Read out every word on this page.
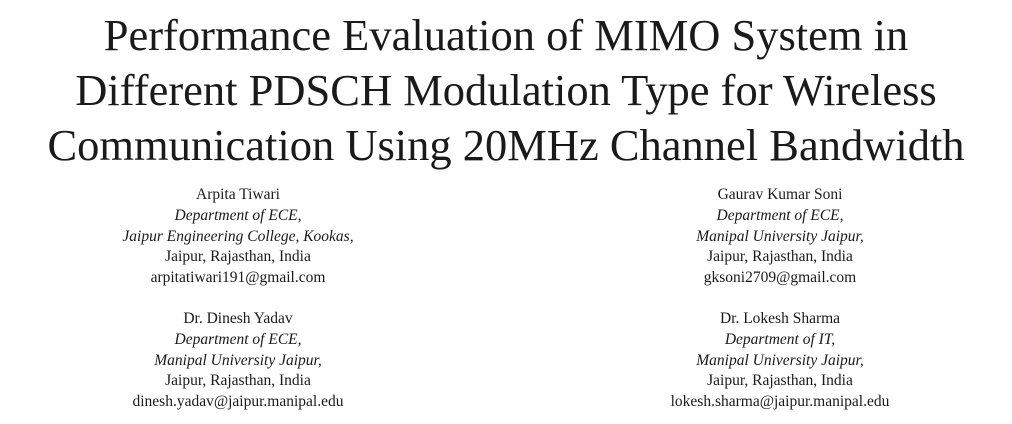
Performance Evaluation of MIMO System in
Different PDSCH Modulation Type for Wireless
Communication Using 20MHz Channel Bandwidth
Arpita Tiwari
Department of ECE,
Jaipur Engineering College, Kookas,
Jaipur, Rajasthan, India
arpitatiwari191@gmail.com
Gaurav Kumar Soni
Department of ECE,
Manipal University Jaipur,
Jaipur, Rajasthan, India
gksoni2709@gmail.com
Dr. Dinesh Yadav
Department of ECE,
Manipal University Jaipur,
Jaipur, Rajasthan, India
dinesh.yadav@jaipur.manipal.edu
Dr. Lokesh Sharma
Department of IT,
Manipal University Jaipur,
Jaipur, Rajasthan, India
lokesh.sharma@jaipur.manipal.edu
